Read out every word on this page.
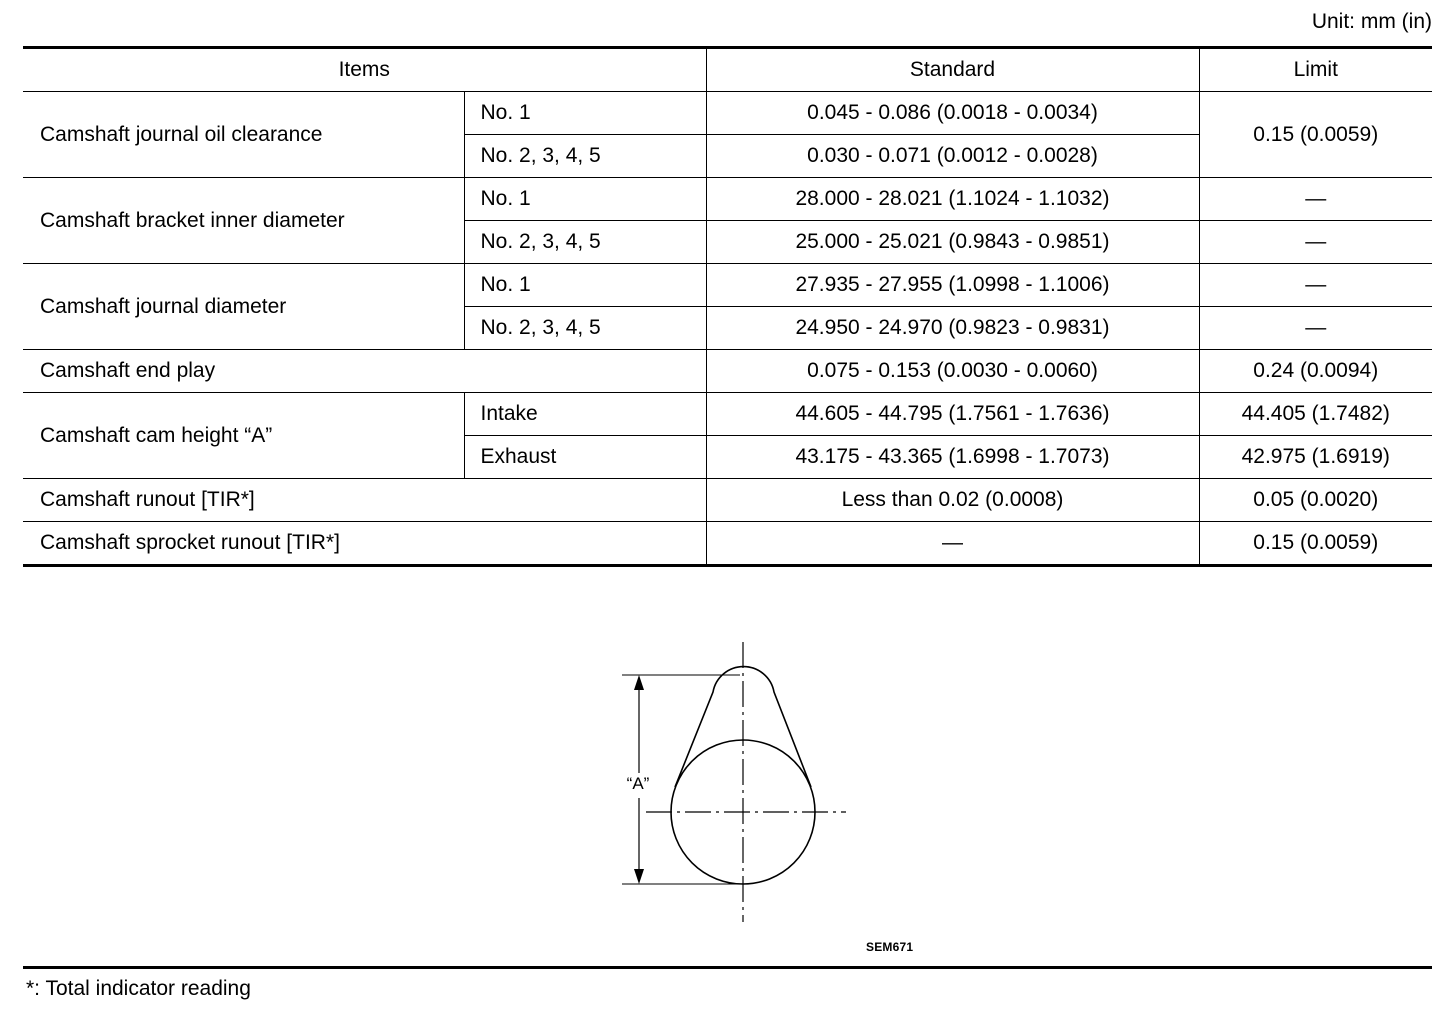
Unit: mm (in)
Items		Standard	Limit
Camshaft journal oil clearance	No. 1	0.045 - 0.086 (0.0018 - 0.0034)	0.15 (0.0059)
	No. 2, 3, 4, 5	0.030 - 0.071 (0.0012 - 0.0028)	
Camshaft bracket inner diameter	No. 1	28.000 - 28.021 (1.1024 - 1.1032)	—
	No. 2, 3, 4, 5	25.000 - 25.021 (0.9843 - 0.9851)	—
Camshaft journal diameter	No. 1	27.935 - 27.955 (1.0998 - 1.1006)	—
	No. 2, 3, 4, 5	24.950 - 24.970 (0.9823 - 0.9831)	—
Camshaft end play		0.075 - 0.153 (0.0030 - 0.0060)	0.24 (0.0094)
Camshaft cam height “A”	Intake	44.605 - 44.795 (1.7561 - 1.7636)	44.405 (1.7482)
	Exhaust	43.175 - 43.365 (1.6998 - 1.7073)	42.975 (1.6919)
Camshaft runout [TIR*]		Less than 0.02 (0.0008)	0.05 (0.0020)
Camshaft sprocket runout [TIR*]		—	0.15 (0.0059)
“A”
SEM671
*: Total indicator reading
